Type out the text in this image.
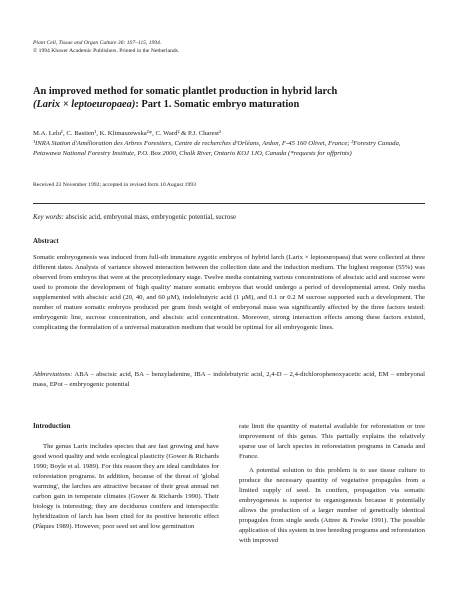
Plant Cell, Tissue and Organ Culture 36: 107–115, 1994.
© 1994 Kluwer Academic Publishers. Printed in the Netherlands.
An improved method for somatic plantlet production in hybrid larch
(Larix × leptoeuropaea): Part 1. Somatic embryo maturation
M.A. Lelu¹, C. Bastien¹, K. Klimaszewska²*, C. Ward² & P.J. Charest²
¹INRA Station d'Amélioration des Arbres Forestiers, Centre de recherches d'Orléans, Ardon, F-45 160 Olivet, France; ²Forestry Canada, Petawawa National Forestry Institute, P.O. Box 2000, Chalk River, Ontario KOJ 1JO, Canada (*requests for offprints)
Received 23 November 1992; accepted in revised form 10 August 1993
Key words: abscisic acid, embryonal mass, embryogenic potential, sucrose
Abstract
Somatic embryogenesis was induced from full-sib immature zygotic embryos of hybrid larch (Larix × leptoeuropaea) that were collected at three different dates. Analysis of variance showed interaction between the collection date and the induction medium. The highest response (55%) was observed from embryos that were at the precotyledonary stage. Twelve media containing various concentrations of abscisic acid and sucrose were used to promote the development of 'high quality' mature somatic embryos that would undergo a period of developmental arrest. Only media supplemented with abscisic acid (20, 40, and 60 μM), indolebutyric acid (1 μM), and 0.1 or 0.2 M sucrose supported such a development. The number of mature somatic embryos produced per gram fresh weight of embryonal mass was significantly affected by the three factors tested: embryogenic line, sucrose concentration, and abscisic acid concentration. Moreover, strong interaction effects among these factors existed, complicating the formulation of a universal maturation medium that would be optimal for all embryogenic lines.
Abbreviations: ABA – abscisic acid, BA – benzyladenine, IBA – indolebutyric acid, 2,4-D – 2,4-dichlorophenoxyacetic acid, EM – embryonal mass, EPot – embryogenic potential
Introduction

The genus Larix includes species that are fast growing and have good wood quality and wide ecological plasticity (Gower & Richards 1990; Boyle et al. 1989). For this reason they are ideal candidates for reforestation programs. In addition, because of the threat of 'global warming', the larches are attractive because of their great annual net carbon gain in temperate climates (Gower & Richards 1990). Their biology is interesting; they are deciduous conifers and interspecific hybridization of larch has been cited for its positive heterotic effect (Pâques 1989). However, poor seed set and low germination

rate limit the quantity of material available for reforestation or tree improvement of this genus. This partially explains the relatively sparse use of larch species in reforestation programs in Canada and France.

A potential solution to this problem is to use tissue culture to produce the necessary quantity of vegetative propagules from a limited supply of seed. In conifers, propagation via somatic embryogenesis is superior to organogenesis because it potentially allows the production of a larger number of genetically identical propagules from single seeds (Attree & Fowke 1991). The possible application of this system in tree breeding programs and reforestation with improved
